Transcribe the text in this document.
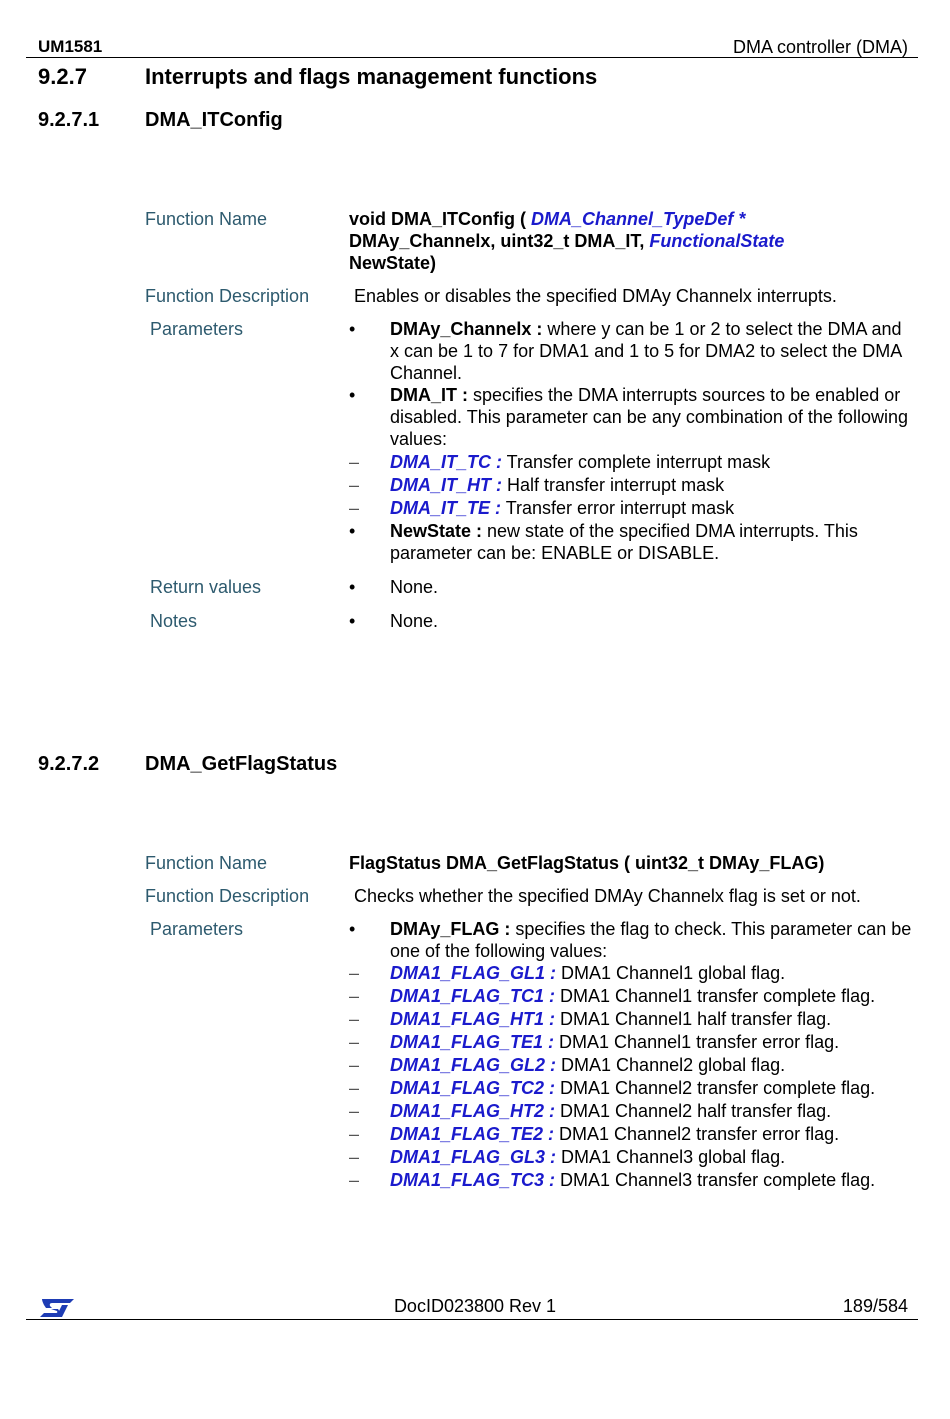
UM1581	DMA controller (DMA)
9.2.7	Interrupts and flags management functions
9.2.7.1 DMA_ITConfig
Function Name	void DMA_ITConfig ( DMA_Channel_TypeDef *
DMAy_Channelx, uint32_t DMA_IT, FunctionalState
NewState)
Function Description Enables or disables the specified DMAy Channelx interrupts.
Parameters	• DMAy_Channelx : where y can be 1 or 2 to select the DMA and x can be 1 to 7 for DMA1 and 1 to 5 for DMA2 to select the DMA Channel.
• DMA_IT : specifies the DMA interrupts sources to be enabled or disabled. This parameter can be any combination of the following values:
– DMA_IT_TC : Transfer complete interrupt mask
– DMA_IT_HT : Half transfer interrupt mask
– DMA_IT_TE : Transfer error interrupt mask
• NewState : new state of the specified DMA interrupts. This parameter can be: ENABLE or DISABLE.
Return values	• None.
Notes	• None.
9.2.7.2 DMA_GetFlagStatus
Function Name	FlagStatus DMA_GetFlagStatus ( uint32_t DMAy_FLAG)
Function Description Checks whether the specified DMAy Channelx flag is set or not.
Parameters	• DMAy_FLAG : specifies the flag to check. This parameter can be one of the following values:
– DMA1_FLAG_GL1 : DMA1 Channel1 global flag.
– DMA1_FLAG_TC1 : DMA1 Channel1 transfer complete flag.
– DMA1_FLAG_HT1 : DMA1 Channel1 half transfer flag.
– DMA1_FLAG_TE1 : DMA1 Channel1 transfer error flag.
– DMA1_FLAG_GL2 : DMA1 Channel2 global flag.
– DMA1_FLAG_TC2 : DMA1 Channel2 transfer complete flag.
– DMA1_FLAG_HT2 : DMA1 Channel2 half transfer flag.
– DMA1_FLAG_TE2 : DMA1 Channel2 transfer error flag.
– DMA1_FLAG_GL3 : DMA1 Channel3 global flag.
– DMA1_FLAG_TC3 : DMA1 Channel3 transfer complete flag.
DocID023800 Rev 1	189/584
